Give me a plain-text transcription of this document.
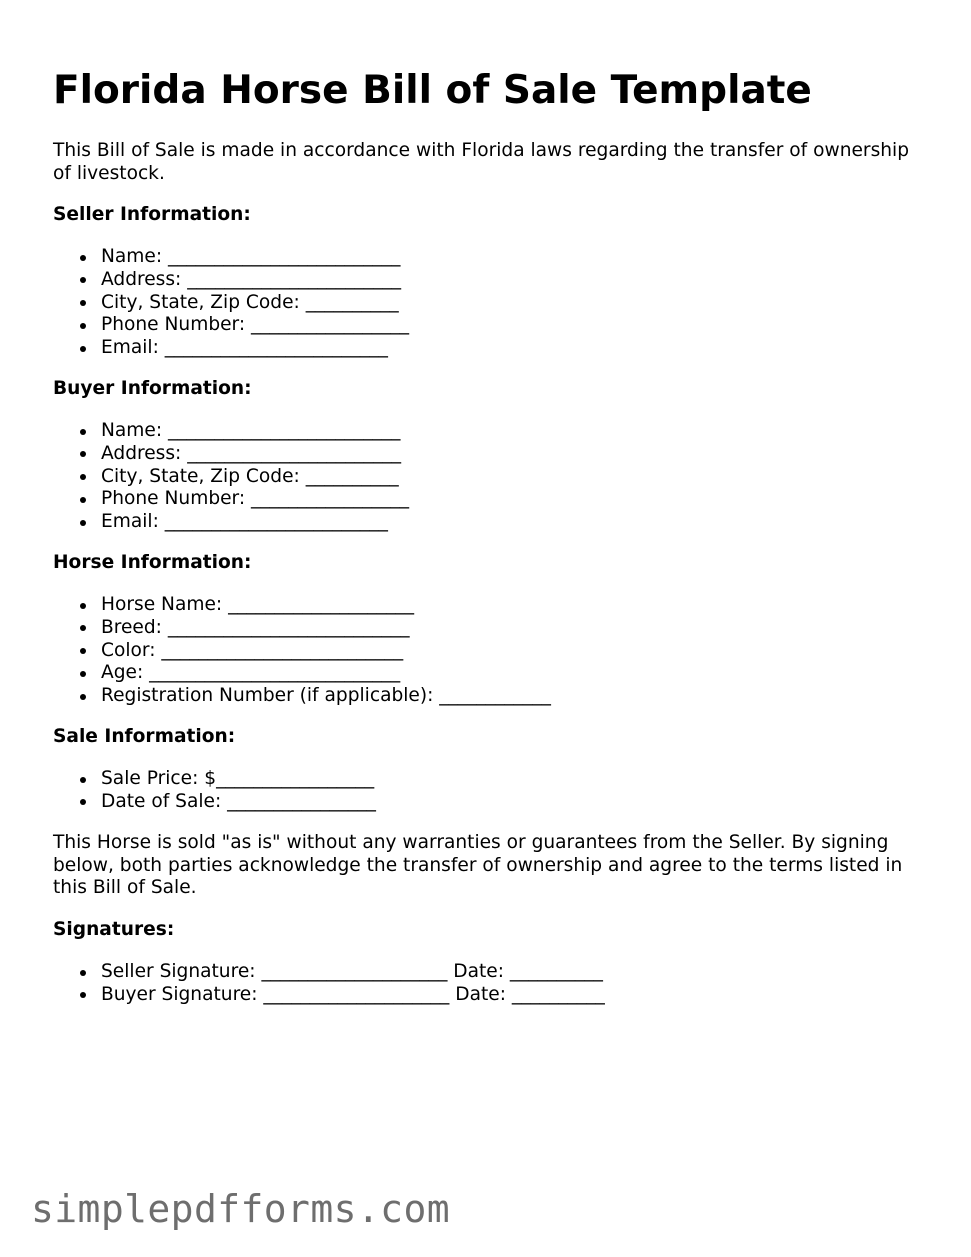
Florida Horse Bill of Sale Template

This Bill of Sale is made in accordance with Florida laws regarding the transfer of ownership of livestock.

Seller Information:
Name: _________________________
Address: _______________________
City, State, Zip Code: __________
Phone Number: _________________
Email: ________________________
Buyer Information:
Name: _________________________
Address: _______________________
City, State, Zip Code: __________
Phone Number: _________________
Email: ________________________
Horse Information:
Horse Name: ____________________
Breed: __________________________
Color: __________________________
Age: ___________________________
Registration Number (if applicable): ____________
Sale Information:
Sale Price: $_________________
Date of Sale: ________________

This Horse is sold "as is" without any warranties or guarantees from the Seller. By signing below, both parties acknowledge the transfer of ownership and agree to the terms listed in this Bill of Sale.

Signatures:
Seller Signature: ____________________ Date: __________
Buyer Signature: ____________________ Date: __________

simplepdfforms.com
